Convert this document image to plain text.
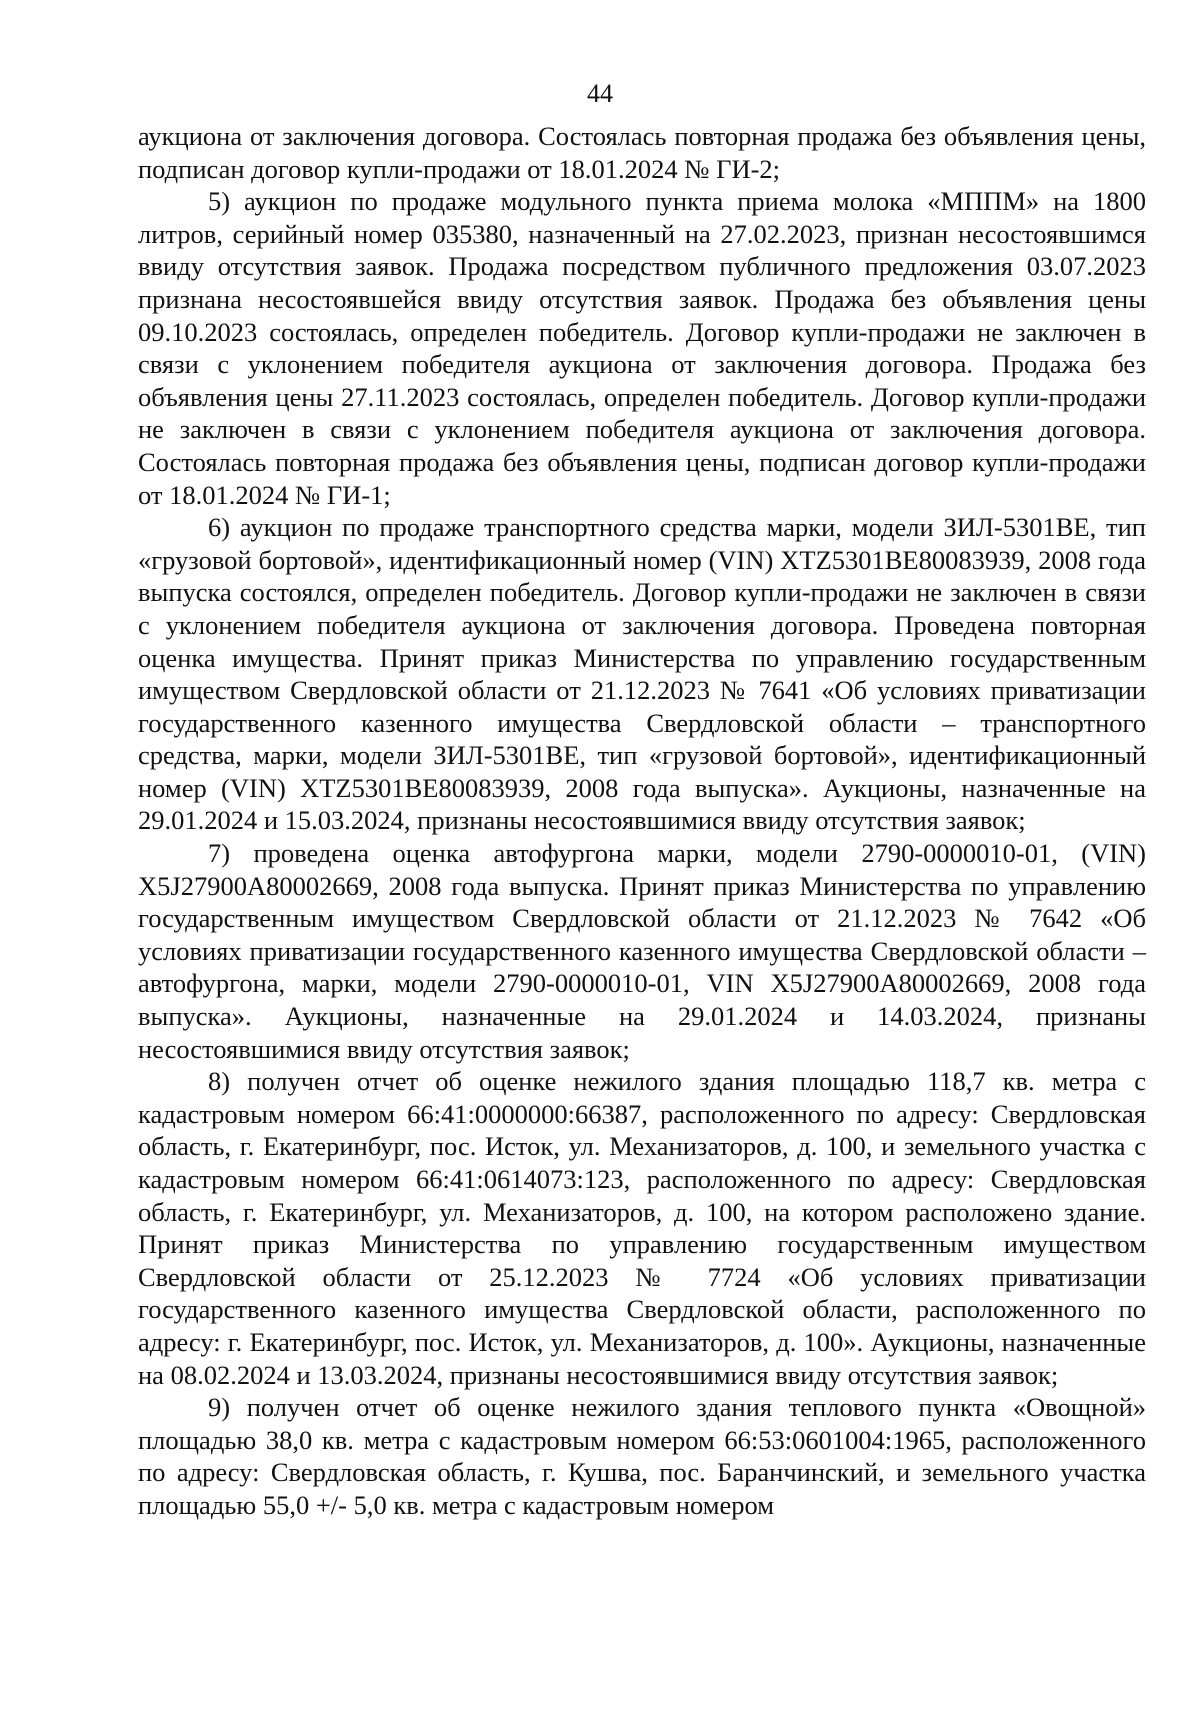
44

аукциона от заключения договора. Состоялась повторная продажа без объявления цены, подписан договор купли-продажи от 18.01.2024 № ГИ-2;

5) аукцион по продаже модульного пункта приема молока «МППМ» на 1800 литров, серийный номер 035380, назначенный на 27.02.2023, признан несостоявшимся ввиду отсутствия заявок. Продажа посредством публичного предложения 03.07.2023 признана несостоявшейся ввиду отсутствия заявок. Продажа без объявления цены 09.10.2023 состоялась, определен победитель. Договор купли-продажи не заключен в связи с уклонением победителя аукциона от заключения договора. Продажа без объявления цены 27.11.2023 состоялась, определен победитель. Договор купли-продажи не заключен в связи с уклонением победителя аукциона от заключения договора. Состоялась повторная продажа без объявления цены, подписан договор купли-продажи от 18.01.2024 № ГИ-1;

6) аукцион по продаже транспортного средства марки, модели ЗИЛ-5301ВЕ, тип «грузовой бортовой», идентификационный номер (VIN) XTZ5301BE80083939, 2008 года выпуска состоялся, определен победитель. Договор купли-продажи не заключен в связи с уклонением победителя аукциона от заключения договора. Проведена повторная оценка имущества. Принят приказ Министерства по управлению государственным имуществом Свердловской области от 21.12.2023 № 7641 «Об условиях приватизации государственного казенного имущества Свердловской области – транспортного средства, марки, модели ЗИЛ-5301ВЕ, тип «грузовой бортовой», идентификационный номер (VIN) XTZ5301BE80083939, 2008 года выпуска». Аукционы, назначенные на 29.01.2024 и 15.03.2024, признаны несостоявшимися ввиду отсутствия заявок;

7) проведена оценка автофургона марки, модели 2790-0000010-01, (VIN) X5J27900A80002669, 2008 года выпуска. Принят приказ Министерства по управлению государственным имуществом Свердловской области от 21.12.2023 № 7642 «Об условиях приватизации государственного казенного имущества Свердловской области – автофургона, марки, модели 2790-0000010-01, VIN X5J27900A80002669, 2008 года выпуска». Аукционы, назначенные на 29.01.2024 и 14.03.2024, признаны несостоявшимися ввиду отсутствия заявок;

8) получен отчет об оценке нежилого здания площадью 118,7 кв. метра с кадастровым номером 66:41:0000000:66387, расположенного по адресу: Свердловская область, г. Екатеринбург, пос. Исток, ул. Механизаторов, д. 100, и земельного участка с кадастровым номером 66:41:0614073:123, расположенного по адресу: Свердловская область, г. Екатеринбург, ул. Механизаторов, д. 100, на котором расположено здание. Принят приказ Министерства по управлению государственным имуществом Свердловской области от 25.12.2023 № 7724 «Об условиях приватизации государственного казенного имущества Свердловской области, расположенного по адресу: г. Екатеринбург, пос. Исток, ул. Механизаторов, д. 100». Аукционы, назначенные на 08.02.2024 и 13.03.2024, признаны несостоявшимися ввиду отсутствия заявок;

9) получен отчет об оценке нежилого здания теплового пункта «Овощной» площадью 38,0 кв. метра с кадастровым номером 66:53:0601004:1965, расположенного по адресу: Свердловская область, г. Кушва, пос. Баранчинский, и земельного участка площадью 55,0 +/- 5,0 кв. метра с кадастровым номером
